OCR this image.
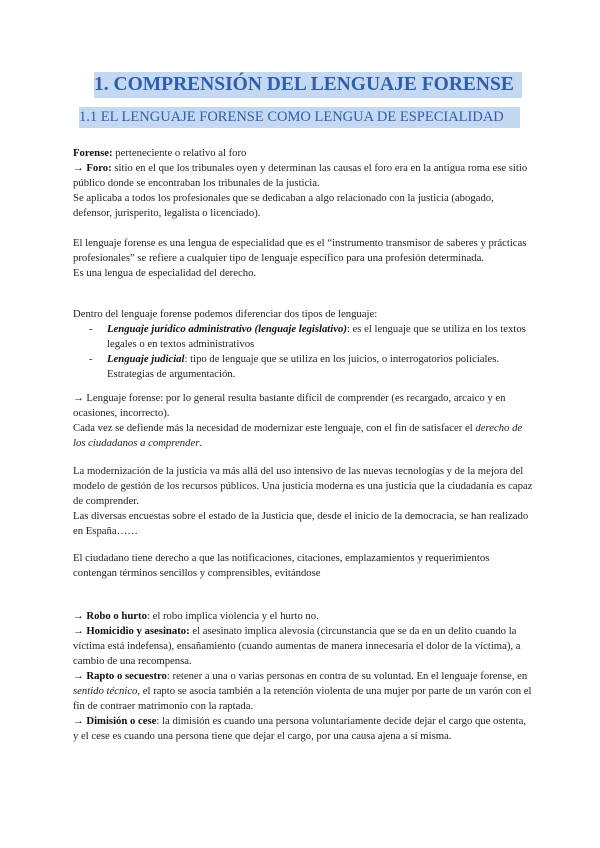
1. COMPRENSIÓN DEL LENGUAJE FORENSE
1.1 EL LENGUAJE FORENSE COMO LENGUA DE ESPECIALIDAD

Forense: perteneciente o relativo al foro

→ Foro: sitio en el que los tribunales oyen y determinan las causas el foro era en la antigua roma ese sitio público donde se encontraban los tribunales de la justicia.

Se aplicaba a todos los profesionales que se dedicaban a algo relacionado con la justicia (abogado, defensor, jurisperito, legalista o licenciado).

El lenguaje forense es una lengua de especialidad que es el “instrumento transmisor de saberes y prácticas profesionales” se refiere a cualquier tipo de lenguaje específico para una profesión determinada.

Es una lengua de especialidad del derecho.

Dentro del lenguaje forense podemos diferenciar dos tipos de lenguaje:

- Lenguaje jurídico administrativo (lenguaje legislativo): es el lenguaje que se utiliza en los textos legales o en textos administrativos

- Lenguaje judicial: tipo de lenguaje que se utiliza en los juicios, o interrogatorios policiales. Estrategias de argumentación.

→ Lenguaje forense: por lo general resulta bastante difícil de comprender (es recargado, arcaico y en ocasiones, incorrecto).

Cada vez se defiende más la necesidad de modernizar este lenguaje, con el fin de satisfacer el derecho de los ciudadanos a comprender.

La modernización de la justicia va más allá del uso intensivo de las nuevas tecnologías y de la mejora del modelo de gestión de los recursos públicos. Una justicia moderna es una justicia que la ciudadanía es capaz de comprender.

Las diversas encuestas sobre el estado de la Justicia que, desde el inicio de la democracia, se han realizado en España……

El ciudadano tiene derecho a que las notificaciones, citaciones, emplazamientos y requerimientos contengan términos sencillos y comprensibles, evitándose

→ Robo o hurto: el robo implica violencia y el hurto no.

→ Homicidio y asesinato: el asesinato implica alevosía (circunstancia que se da en un delito cuando la víctima está indefensa), ensañamiento (cuando aumentas de manera innecesaria el dolor de la víctima), a cambio de una recompensa.

→ Rapto o secuestro: retener a una o varias personas en contra de su voluntad. En el lenguaje forense, en sentido técnico, el rapto se asocia también a la retención violenta de una mujer por parte de un varón con el fin de contraer matrimonio con la raptada.

→ Dimisión o cese: la dimisión es cuando una persona voluntariamente decide dejar el cargo que ostenta, y el cese es cuando una persona tiene que dejar el cargo, por una causa ajena a sí misma.
